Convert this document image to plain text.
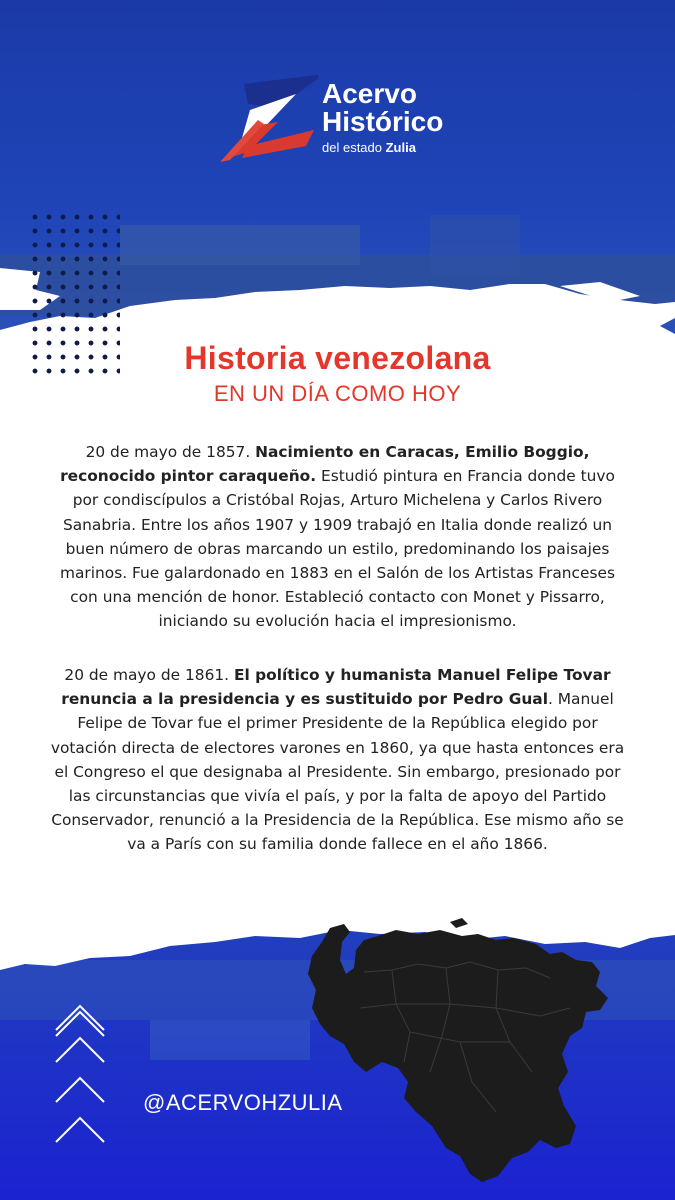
Acervo
Histórico
del estado Zulia
Historia venezolana
EN UN DÍA COMO HOY
20 de mayo de 1857. Nacimiento en Caracas, Emilio Boggio, reconocido pintor caraqueño. Estudió pintura en Francia donde tuvo por condiscípulos a Cristóbal Rojas, Arturo Michelena y Carlos Rivero Sanabria. Entre los años 1907 y 1909 trabajó en Italia donde realizó un buen número de obras marcando un estilo, predominando los paisajes marinos. Fue galardonado en 1883 en el Salón de los Artistas Franceses con una mención de honor. Estableció contacto con Monet y Pissarro, iniciando su evolución hacia el impresionismo.
20 de mayo de 1861. El político y humanista Manuel Felipe Tovar renuncia a la presidencia y es sustituido por Pedro Gual. Manuel Felipe de Tovar fue el primer Presidente de la República elegido por votación directa de electores varones en 1860, ya que hasta entonces era el Congreso el que designaba al Presidente. Sin embargo, presionado por las circunstancias que vivía el país, y por la falta de apoyo del Partido Conservador, renunció a la Presidencia de la República. Ese mismo año se va a París con su familia donde fallece en el año 1866.
@ACERVOHZULIA
